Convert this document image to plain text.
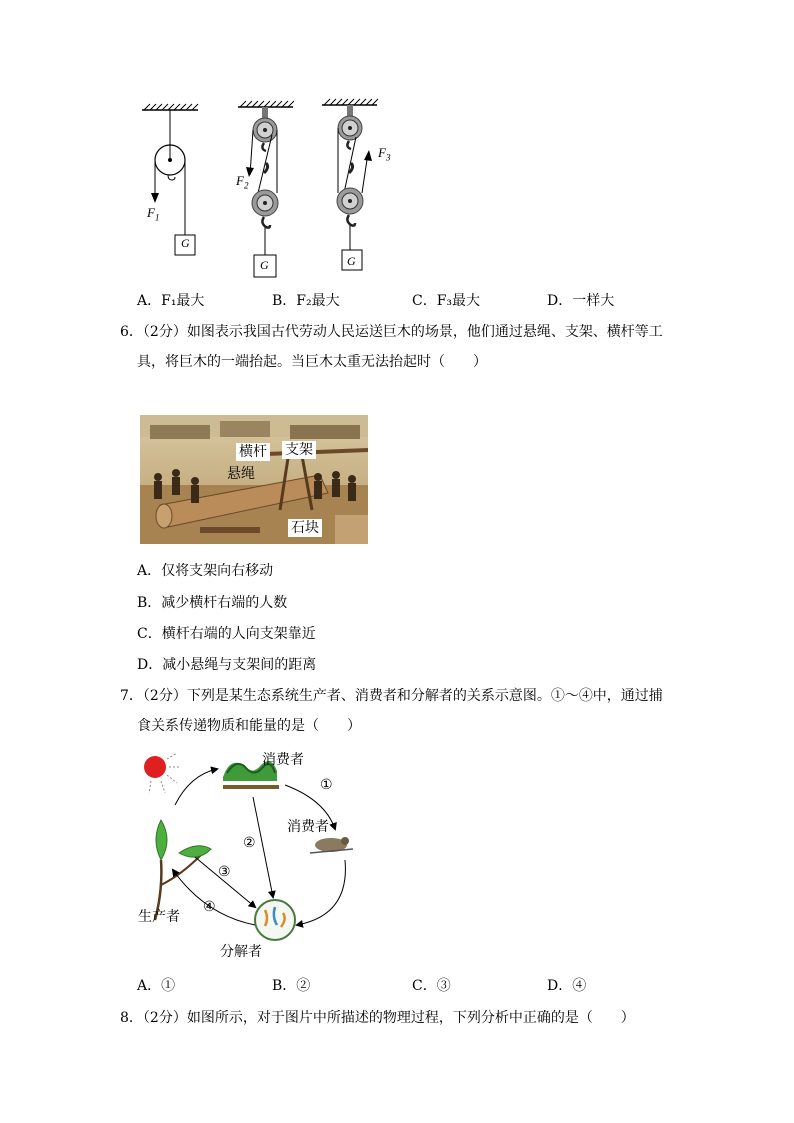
$F_1$
G
$F_2$
G
$F_3$
G
A．F₁最大	B．F₂最大	C．F₃最大	D．一样大
6．（2分）如图表示我国古代劳动人民运送巨木的场景，他们通过悬绳、支架、横杆等工
具，将巨木的一端抬起。当巨木太重无法抬起时（　　）
横杆 支架
悬绳
石块
A．仅将支架向右移动
B．减少横杆右端的人数
C．横杆右端的人向支架靠近
D．减小悬绳与支架间的距离
7．（2分）下列是某生态系统生产者、消费者和分解者的关系示意图。①～④中，通过捕
食关系传递物质和能量的是（　　）
消费者
①
消费者
②
③
④
生产者
分解者
A．①	B．②	C．③	D．④
8．（2分）如图所示，对于图片中所描述的物理过程，下列分析中正确的是（　　）
